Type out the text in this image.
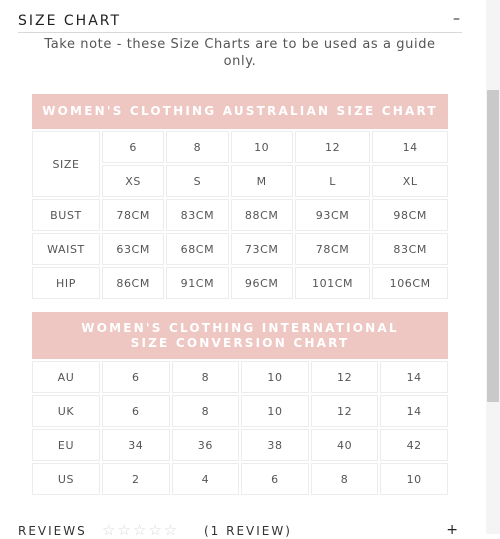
SIZE CHART	–
Take note - these Size Charts are to be used as a guide only.
WOMEN'S CLOTHING AUSTRALIAN SIZE CHART					
SIZE	6	8	10	12	14
	XS	S	M	L	XL
BUST	78CM	83CM	88CM	93CM	98CM
WAIST	63CM	68CM	73CM	78CM	83CM
HIP	86CM	91CM	96CM	101CM	106CM
WOMEN'S CLOTHING INTERNATIONAL SIZE CONVERSION CHART					
AU	6	8	10	12	14
UK	6	8	10	12	14
EU	34	36	38	40	42
US	2	4	6	8	10
REVIEWS ☆☆☆☆☆ (1 REVIEW)	+
